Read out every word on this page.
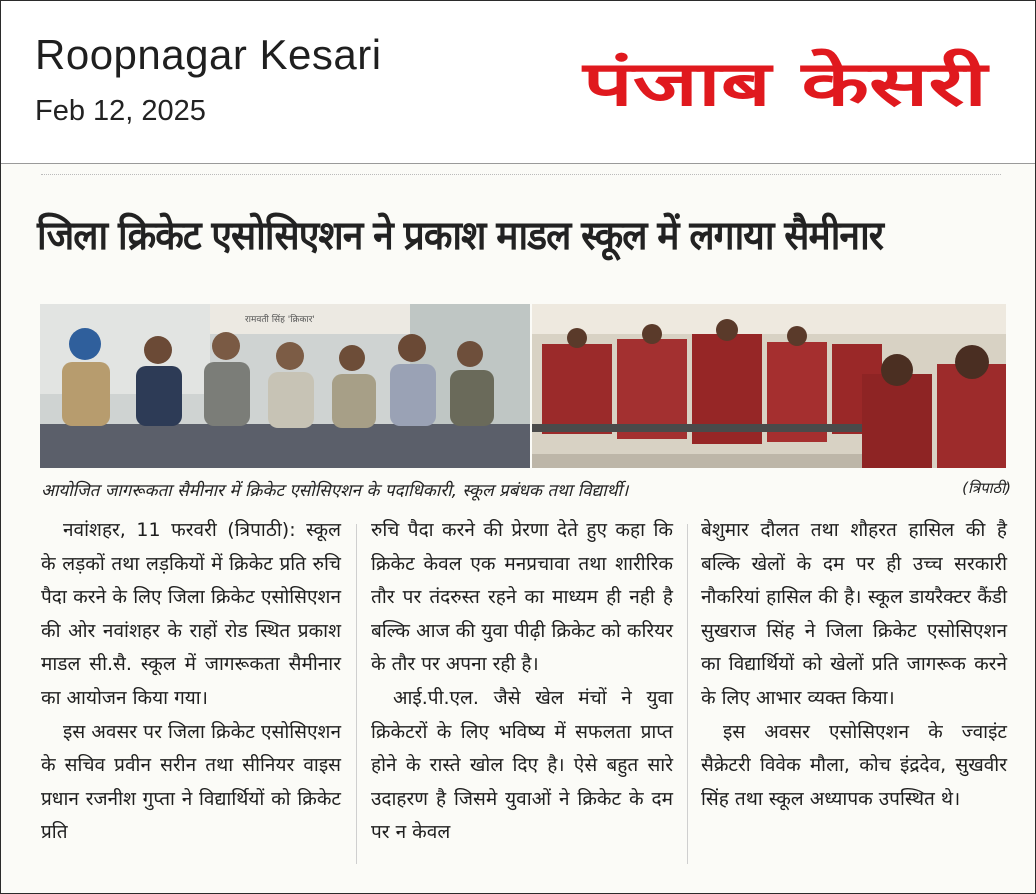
Roopnagar Kesari
Feb 12, 2025	पंजाब केसरी
जिला क्रिकेट एसोसिएशन ने प्रकाश माडल स्कूल में लगाया सैमीनार
रामवती सिंह 'क्रिकार'
आयोजित जागरूकता सैमीनार में क्रिकेट एसोसिएशन के पदाधिकारी, स्कूल प्रबंधक तथा विद्यार्थी।	(त्रिपाठी)

नवांशहर, 11 फरवरी (त्रिपाठी): स्कूल के लड़कों तथा लड़कियों में क्रिकेट प्रति रुचि पैदा करने के लिए जिला क्रिकेट एसोसिएशन की ओर नवांशहर के राहों रोड स्थित प्रकाश माडल सी.सै. स्कूल में जागरूकता सैमीनार का आयोजन किया गया।

इस अवसर पर जिला क्रिकेट एसोसिएशन के सचिव प्रवीन सरीन तथा सीनियर वाइस प्रधान रजनीश गुप्ता ने विद्यार्थियों को क्रिकेट प्रति

रुचि पैदा करने की प्रेरणा देते हुए कहा कि क्रिकेट केवल एक मनप्रचावा तथा शारीरिक तौर पर तंदरुस्त रहने का माध्यम ही नही है बल्कि आज की युवा पीढ़ी क्रिकेट को करियर के तौर पर अपना रही है।

आई.पी.एल. जैसे खेल मंचों ने युवा क्रिकेटरों के लिए भविष्य में सफलता प्राप्त होने के रास्ते खोल दिए है। ऐसे बहुत सारे उदाहरण है जिसमे युवाओं ने क्रिकेट के दम पर न केवल

बेशुमार दौलत तथा शौहरत हासिल की है बल्कि खेलों के दम पर ही उच्च सरकारी नौकरियां हासिल की है। स्कूल डायरैक्टर कैंडी सुखराज सिंह ने जिला क्रिकेट एसोसिएशन का विद्यार्थियों को खेलों प्रति जागरूक करने के लिए आभार व्यक्त किया।

इस अवसर एसोसिएशन के ज्वाइंट सैक्रेटरी विवेक मौला, कोच इंद्रदेव, सुखवीर सिंह तथा स्कूल अध्यापक उपस्थित थे।
